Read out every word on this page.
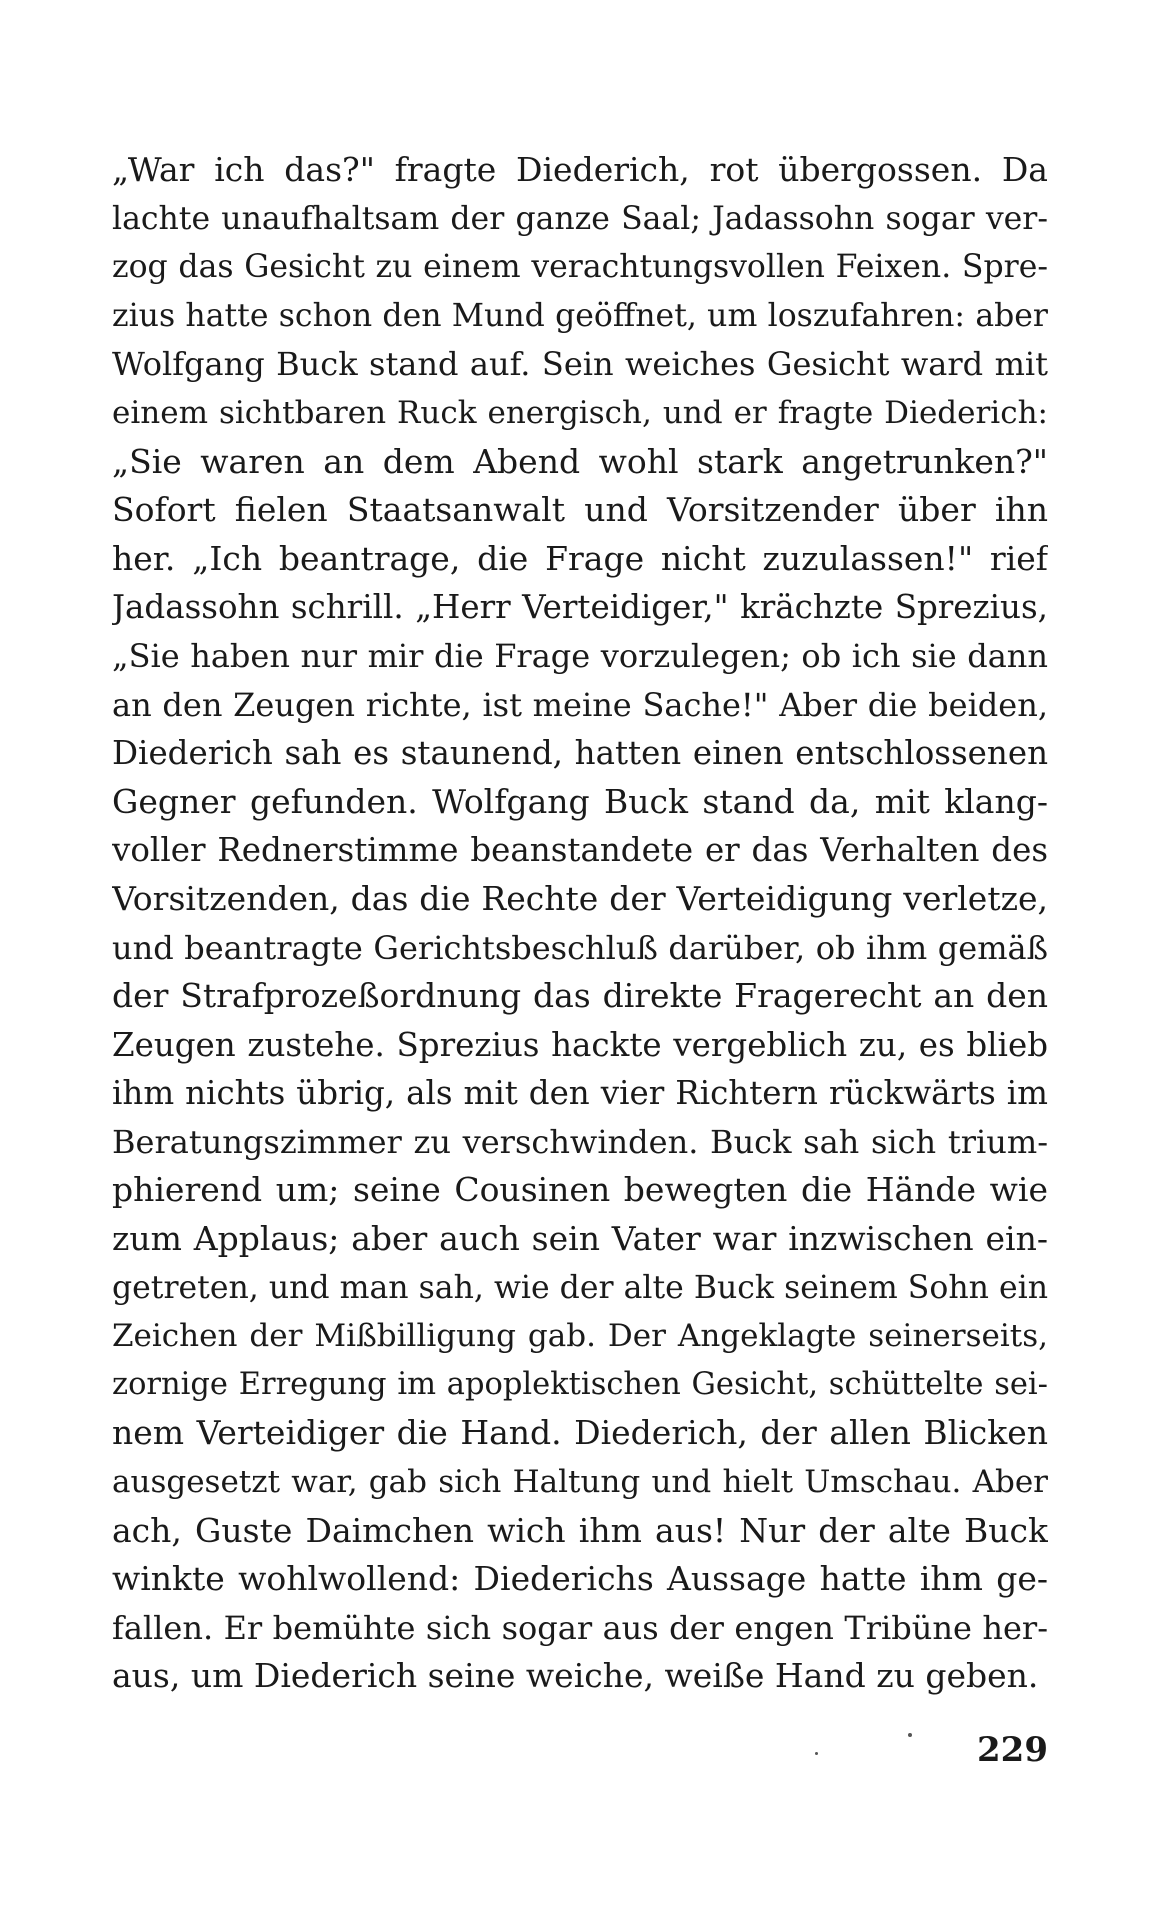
„War ich das?" fragte Diederich, rot übergossen. Da
lachte unaufhaltsam der ganze Saal; Jadassohn sogar ver-
zog das Gesicht zu einem verachtungsvollen Feixen. Spre-
zius hatte schon den Mund geöffnet, um loszufahren: aber
Wolfgang Buck stand auf. Sein weiches Gesicht ward mit
einem sichtbaren Ruck energisch, und er fragte Diederich:
„Sie waren an dem Abend wohl stark angetrunken?"
Sofort fielen Staatsanwalt und Vorsitzender über ihn
her. „Ich beantrage, die Frage nicht zuzulassen!" rief
Jadassohn schrill. „Herr Verteidiger," krächzte Sprezius,
„Sie haben nur mir die Frage vorzulegen; ob ich sie dann
an den Zeugen richte, ist meine Sache!" Aber die beiden,
Diederich sah es staunend, hatten einen entschlossenen
Gegner gefunden. Wolfgang Buck stand da, mit klang-
voller Rednerstimme beanstandete er das Verhalten des
Vorsitzenden, das die Rechte der Verteidigung verletze,
und beantragte Gerichtsbeschluß darüber, ob ihm gemäß
der Strafprozeßordnung das direkte Fragerecht an den
Zeugen zustehe. Sprezius hackte vergeblich zu, es blieb
ihm nichts übrig, als mit den vier Richtern rückwärts im
Beratungszimmer zu verschwinden. Buck sah sich trium-
phierend um; seine Cousinen bewegten die Hände wie
zum Applaus; aber auch sein Vater war inzwischen ein-
getreten, und man sah, wie der alte Buck seinem Sohn ein
Zeichen der Mißbilligung gab. Der Angeklagte seinerseits,
zornige Erregung im apoplektischen Gesicht, schüttelte sei-
nem Verteidiger die Hand. Diederich, der allen Blicken
ausgesetzt war, gab sich Haltung und hielt Umschau. Aber
ach, Guste Daimchen wich ihm aus! Nur der alte Buck
winkte wohlwollend: Diederichs Aussage hatte ihm ge-
fallen. Er bemühte sich sogar aus der engen Tribüne her-
aus, um Diederich seine weiche, weiße Hand zu geben.
229
